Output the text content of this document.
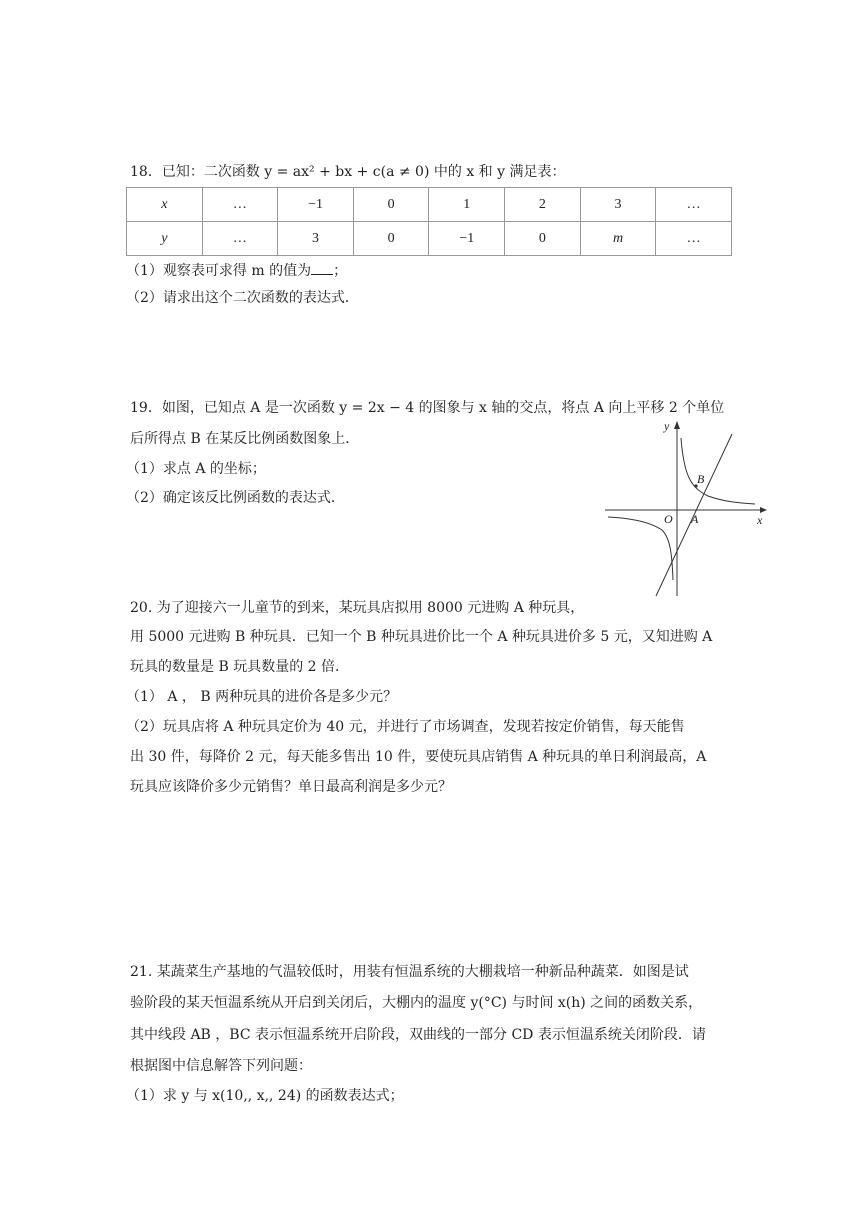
18．已知：二次函数 y = ax² + bx + c(a ≠ 0) 中的 x 和 y 满足表：
x	…	−1	0	1	2	3	…
y	…	3	0	−1	0	m	…
（1）观察表可求得 m 的值为 ；
（2）请求出这个二次函数的表达式．
19．如图，已知点 A 是一次函数 y = 2x − 4 的图象与 x 轴的交点，将点 A 向上平移 2 个单位
后所得点 B 在某反比例函数图象上．
（1）求点 A 的坐标；
（2）确定该反比例函数的表达式．
y
x
O A
B
20. 为了迎接六一儿童节的到来，某玩具店拟用 8000 元进购 A 种玩具，
用 5000 元进购 B 种玩具．已知一个 B 种玩具进价比一个 A 种玩具进价多 5 元，又知进购 A
玩具的数量是 B 玩具数量的 2 倍．
（1） A ， B 两种玩具的进价各是多少元？
（2）玩具店将 A 种玩具定价为 40 元，并进行了市场调查，发现若按定价销售，每天能售
出 30 件，每降价 2 元，每天能多售出 10 件，要使玩具店销售 A 种玩具的单日利润最高，A
玩具应该降价多少元销售？单日最高利润是多少元？
21. 某蔬菜生产基地的气温较低时，用装有恒温系统的大棚栽培一种新品种蔬菜．如图是试
验阶段的某天恒温系统从开启到关闭后，大棚内的温度 y(°C) 与时间 x(h) 之间的函数关系，
其中线段 AB ，BC 表示恒温系统开启阶段，双曲线的一部分 CD 表示恒温系统关闭阶段．请
根据图中信息解答下列问题：
（1）求 y 与 x(10,, x,, 24) 的函数表达式；
